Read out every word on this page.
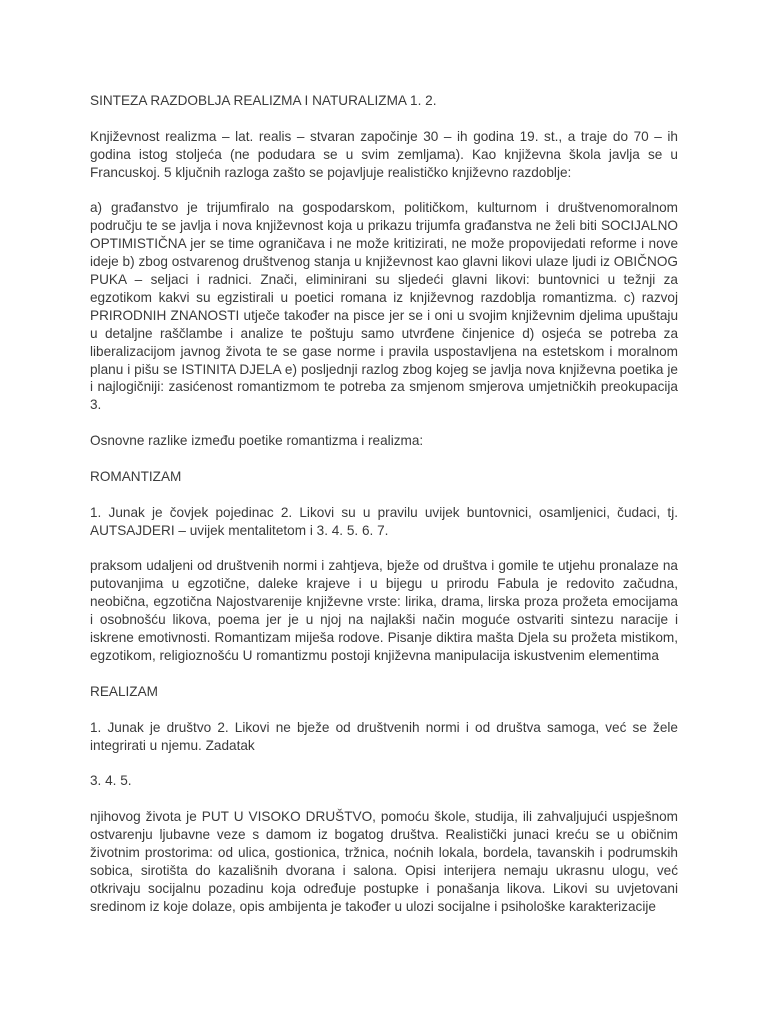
SINTEZA RAZDOBLJA REALIZMA I NATURALIZMA 1. 2.

Književnost realizma – lat. realis – stvaran započinje 30 – ih godina 19. st., a traje do 70 – ih godina istog stoljeća (ne podudara se u svim zemljama). Kao književna škola javlja se u Francuskoj. 5 ključnih razloga zašto se pojavljuje realističko književno razdoblje:

a) građanstvo je trijumfiralo na gospodarskom, političkom, kulturnom i društvenomoralnom području te se javlja i nova književnost koja u prikazu trijumfa građanstva ne želi biti SOCIJALNO OPTIMISTIČNA jer se time ograničava i ne može kritizirati, ne može propovijedati reforme i nove ideje b) zbog ostvarenog društvenog stanja u književnost kao glavni likovi ulaze ljudi iz OBIČNOG PUKA – seljaci i radnici. Znači, eliminirani su sljedeći glavni likovi: buntovnici u težnji za egzotikom kakvi su egzistirali u poetici romana iz književnog razdoblja romantizma. c) razvoj PRIRODNIH ZNANOSTI utječe također na pisce jer se i oni u svojim književnim djelima upuštaju u detaljne raščlambe i analize te poštuju samo utvrđene činjenice d) osjeća se potreba za liberalizacijom javnog života te se gase norme i pravila uspostavljena na estetskom i moralnom planu i pišu se ISTINITA DJELA e) posljednji razlog zbog kojeg se javlja nova književna poetika je i najlogičniji: zasićenost romantizmom te potreba za smjenom smjerova umjetničkih preokupacija 3.

Osnovne razlike između poetike romantizma i realizma:

ROMANTIZAM

1. Junak je čovjek pojedinac 2. Likovi su u pravilu uvijek buntovnici, osamljenici, čudaci, tj. AUTSAJDERI – uvijek mentalitetom i 3. 4. 5. 6. 7.

praksom udaljeni od društvenih normi i zahtjeva, bježe od društva i gomile te utjehu pronalaze na putovanjima u egzotične, daleke krajeve i u bijegu u prirodu Fabula je redovito začudna, neobična, egzotična Najostvarenije književne vrste: lirika, drama, lirska proza prožeta emocijama i osobnošću likova, poema jer je u njoj na najlakši način moguće ostvariti sintezu naracije i iskrene emotivnosti. Romantizam miješa rodove. Pisanje diktira mašta Djela su prožeta mistikom, egzotikom, religioznošću U romantizmu postoji književna manipulacija iskustvenim elementima

REALIZAM

1. Junak je društvo 2. Likovi ne bježe od društvenih normi i od društva samoga, već se žele integrirati u njemu. Zadatak

3. 4. 5.

njihovog života je PUT U VISOKO DRUŠTVO, pomoću škole, studija, ili zahvaljujući uspješnom ostvarenju ljubavne veze s damom iz bogatog društva. Realistički junaci kreću se u običnim životnim prostorima: od ulica, gostionica, tržnica, noćnih lokala, bordela, tavanskih i podrumskih sobica, sirotišta do kazališnih dvorana i salona. Opisi interijera nemaju ukrasnu ulogu, već otkrivaju socijalnu pozadinu koja određuje postupke i ponašanja likova. Likovi su uvjetovani sredinom iz koje dolaze, opis ambijenta je također u ulozi socijalne i psihološke karakterizacije
